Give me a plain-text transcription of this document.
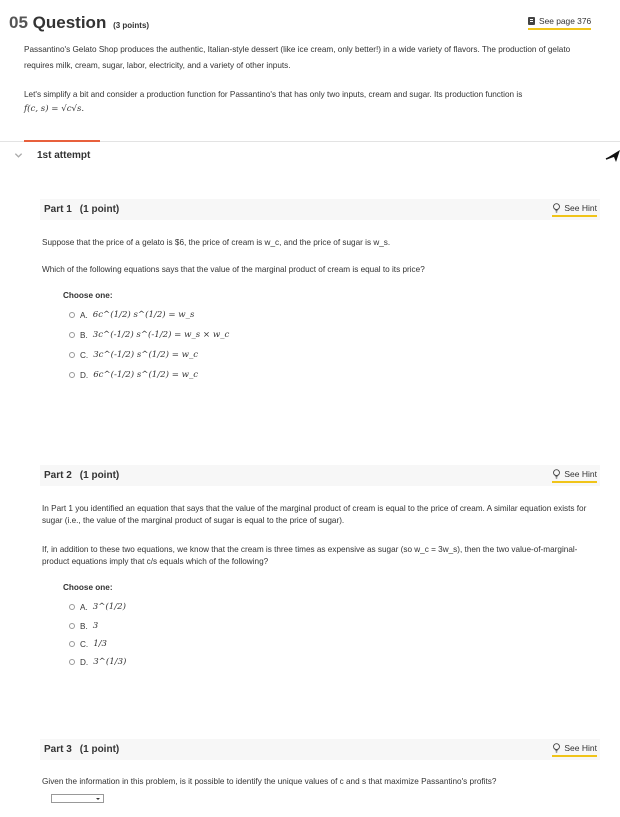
05 Question (3 points)	See page 376
Passantino's Gelato Shop produces the authentic, Italian-style dessert (like ice cream, only better!) in a wide variety of flavors. The production of gelato requires milk, cream, sugar, labor, electricity, and a variety of other inputs.
Let's simplify a bit and consider a production function for Passantino's that has only two inputs, cream and sugar. Its production function is
f(c, s) = √c√s.
1st attempt
Part 1 (1 point)	See Hint
Suppose that the price of a gelato is $6, the price of cream is w_c, and the price of sugar is w_s.
Which of the following equations says that the value of the marginal product of cream is equal to its price?
Choose one:
A. 6c^(1/2) s^(1/2) = w_s
B. 3c^(-1/2) s^(-1/2) = w_s × w_c
C. 3c^(-1/2) s^(1/2) = w_c
D. 6c^(-1/2) s^(1/2) = w_c
Part 2 (1 point)	See Hint
In Part 1 you identified an equation that says that the value of the marginal product of cream is equal to the price of cream. A similar equation exists for sugar (i.e., the value of the marginal product of sugar is equal to the price of sugar).
If, in addition to these two equations, we know that the cream is three times as expensive as sugar (so w_c = 3w_s), then the two value-of-marginal-product equations imply that c/s equals which of the following?
Choose one:
A. 3^(1/2)
B. 3
C. 1/3
D. 3^(1/3)
Part 3 (1 point)	See Hint
Given the information in this problem, is it possible to identify the unique values of c and s that maximize Passantino's profits?
